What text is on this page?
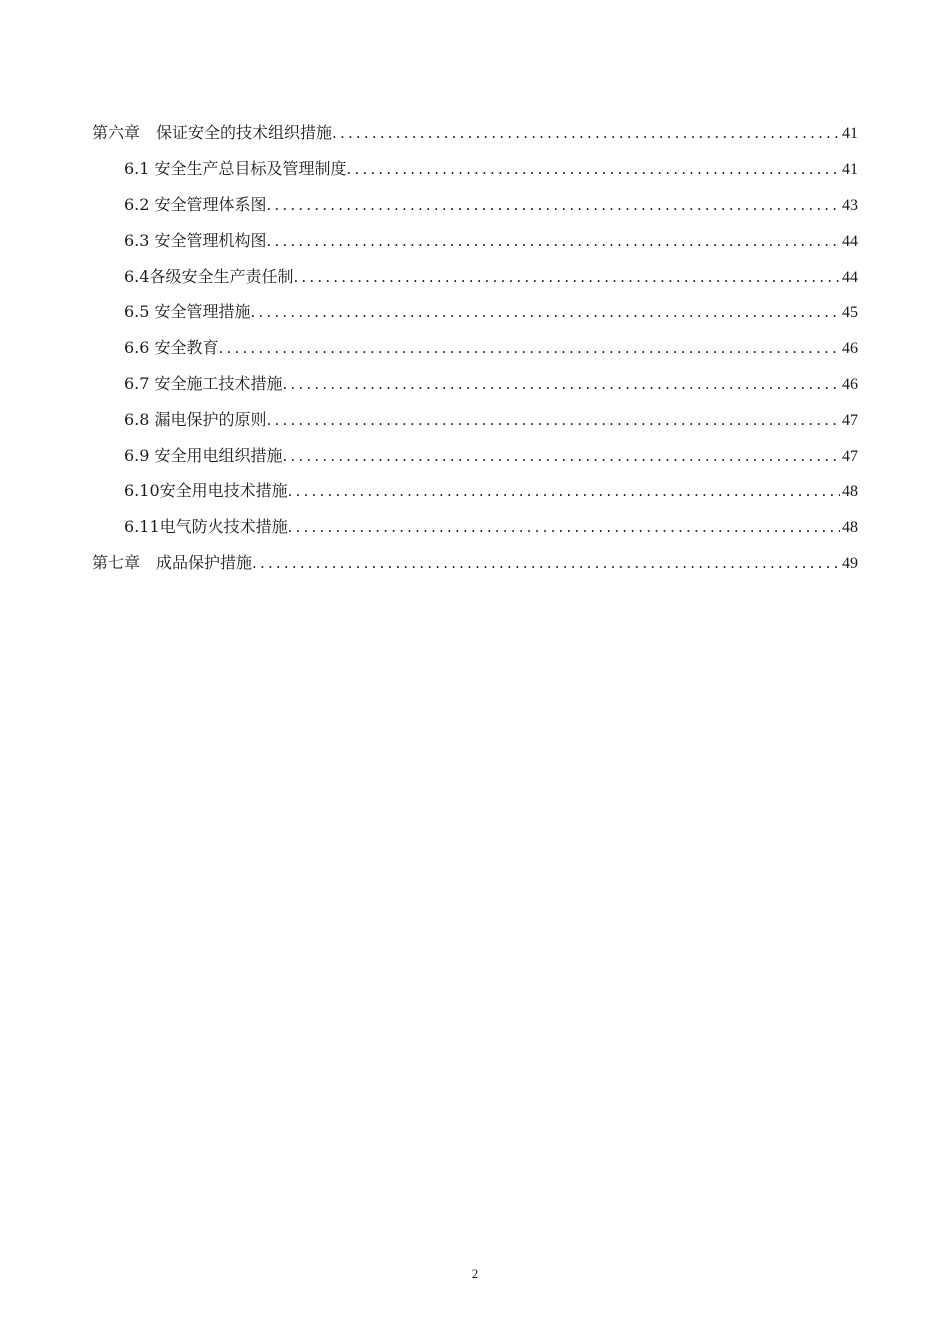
第六章　保证安全的技术组织措施 .....	41
6.1 安全生产总目标及管理制度 .....	41
6.2 安全管理体系图 .....	43
6.3 安全管理机构图 .....	44
6.4各级安全生产责任制 .....	44
6.5 安全管理措施 .....	45
6.6 安全教育 .....	46
6.7 安全施工技术措施 .....	46
6.8 漏电保护的原则 .....	47
6.9 安全用电组织措施 .....	47
6.10安全用电技术措施 .....	48
6.11电气防火技术措施 .....	48
第七章　成品保护措施 .....	49
2
